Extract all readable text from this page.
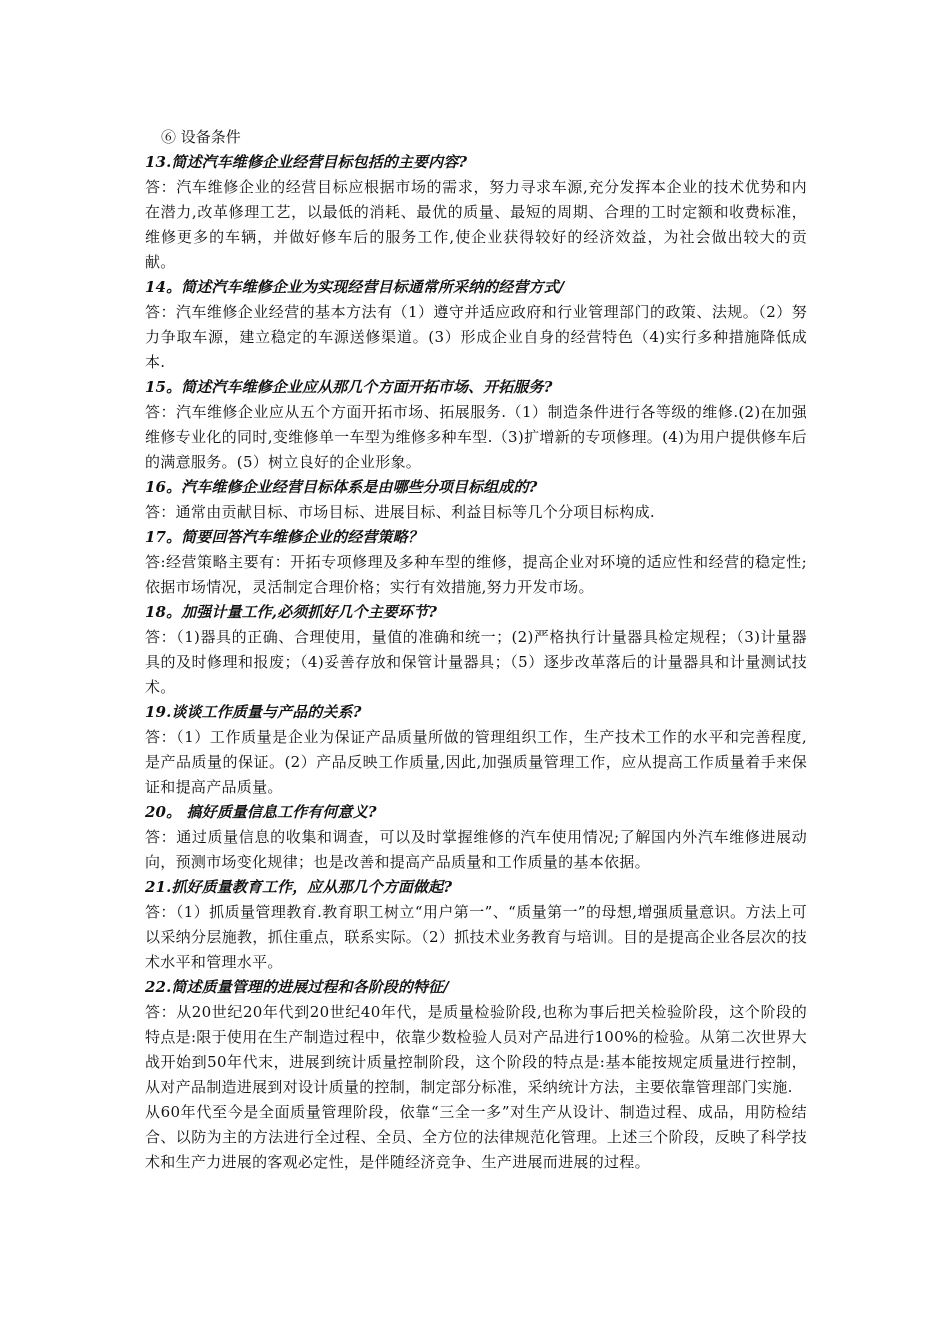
⑥ 设备条件

13.简述汽车维修企业经营目标包括的主要内容?

答：汽车维修企业的经营目标应根据市场的需求，努力寻求车源,充分发挥本企业的技术优势和内在潜力,改革修理工艺，以最低的消耗、最优的质量、最短的周期、合理的工时定额和收费标准，维修更多的车辆，并做好修车后的服务工作,使企业获得较好的经济效益，为社会做出较大的贡献。

14。简述汽车维修企业为实现经营目标通常所采纳的经营方式/

答：汽车维修企业经营的基本方法有（1）遵守并适应政府和行业管理部门的政策、法规。（2）努力争取车源，建立稳定的车源送修渠道。(3）形成企业自身的经营特色（4)实行多种措施降低成本.

15。简述汽车维修企业应从那几个方面开拓市场、开拓服务?

答：汽车维修企业应从五个方面开拓市场、拓展服务.（1）制造条件进行各等级的维修.(2)在加强维修专业化的同时,变维修单一车型为维修多种车型.（3)扩增新的专项修理。(4)为用户提供修车后的满意服务。(5）树立良好的企业形象。

16。汽车维修企业经营目标体系是由哪些分项目标组成的?

答：通常由贡献目标、市场目标、进展目标、利益目标等几个分项目标构成.

17。简要回答汽车维修企业的经营策略？

答:经营策略主要有：开拓专项修理及多种车型的维修，提高企业对环境的适应性和经营的稳定性;依据市场情况，灵活制定合理价格；实行有效措施,努力开发市场。

18。加强计量工作,必须抓好几个主要环节?

答：（1)器具的正确、合理使用，量值的准确和统一；(2)严格执行计量器具检定规程；（3)计量器具的及时修理和报废；（4)妥善存放和保管计量器具；（5）逐步改革落后的计量器具和计量测试技术。

19.谈谈工作质量与产品的关系?

答：（1）工作质量是企业为保证产品质量所做的管理组织工作，生产技术工作的水平和完善程度,是产品质量的保证。(2）产品反映工作质量,因此,加强质量管理工作，应从提高工作质量着手来保证和提高产品质量。

20。 搞好质量信息工作有何意义?

答：通过质量信息的收集和调查，可以及时掌握维修的汽车使用情况;了解国内外汽车维修进展动向，预测市场变化规律；也是改善和提高产品质量和工作质量的基本依据。

21.抓好质量教育工作，应从那几个方面做起?

答：（1）抓质量管理教育.教育职工树立“用户第一”、“质量第一”的母想,增强质量意识。方法上可以采纳分层施教，抓住重点，联系实际。（2）抓技术业务教育与培训。目的是提高企业各层次的技术水平和管理水平。

22.简述质量管理的进展过程和各阶段的特征/

答：从20世纪20年代到20世纪40年代，是质量检验阶段,也称为事后把关检验阶段，这个阶段的特点是:限于使用在生产制造过程中，依靠少数检验人员对产品进行100%的检验。从第二次世界大战开始到50年代末，进展到统计质量控制阶段，这个阶段的特点是:基本能按规定质量进行控制，从对产品制造进展到对设计质量的控制，制定部分标准，采纳统计方法，主要依靠管理部门实施.

从60年代至今是全面质量管理阶段，依靠“三全一多”对生产从设计、制造过程、成品，用防检结合、以防为主的方法进行全过程、全员、全方位的法律规范化管理。上述三个阶段，反映了科学技术和生产力进展的客观必定性，是伴随经济竞争、生产进展而进展的过程。
